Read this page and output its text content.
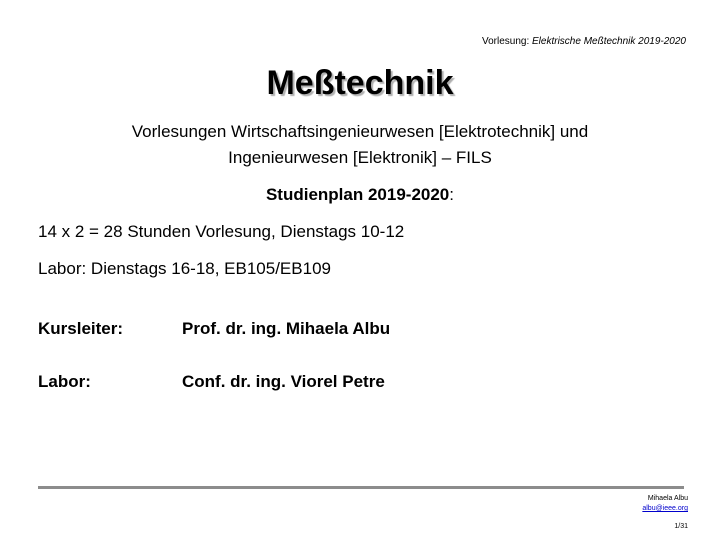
Vorlesung: Elektrische Meßtechnik 2019-2020
Meßtechnik
Vorlesungen Wirtschaftsingenieurwesen [Elektrotechnik] und
Ingenieurwesen [Elektronik] – FILS
Studienplan 2019-2020:
14 x 2 = 28 Stunden Vorlesung, Dienstags 10-12
Labor: Dienstags 16-18, EB105/EB109
Kursleiter:	Prof. dr. ing. Mihaela Albu
Labor:	Conf. dr. ing. Viorel Petre
Mihaela Albu
albu@ieee.org
1/31
